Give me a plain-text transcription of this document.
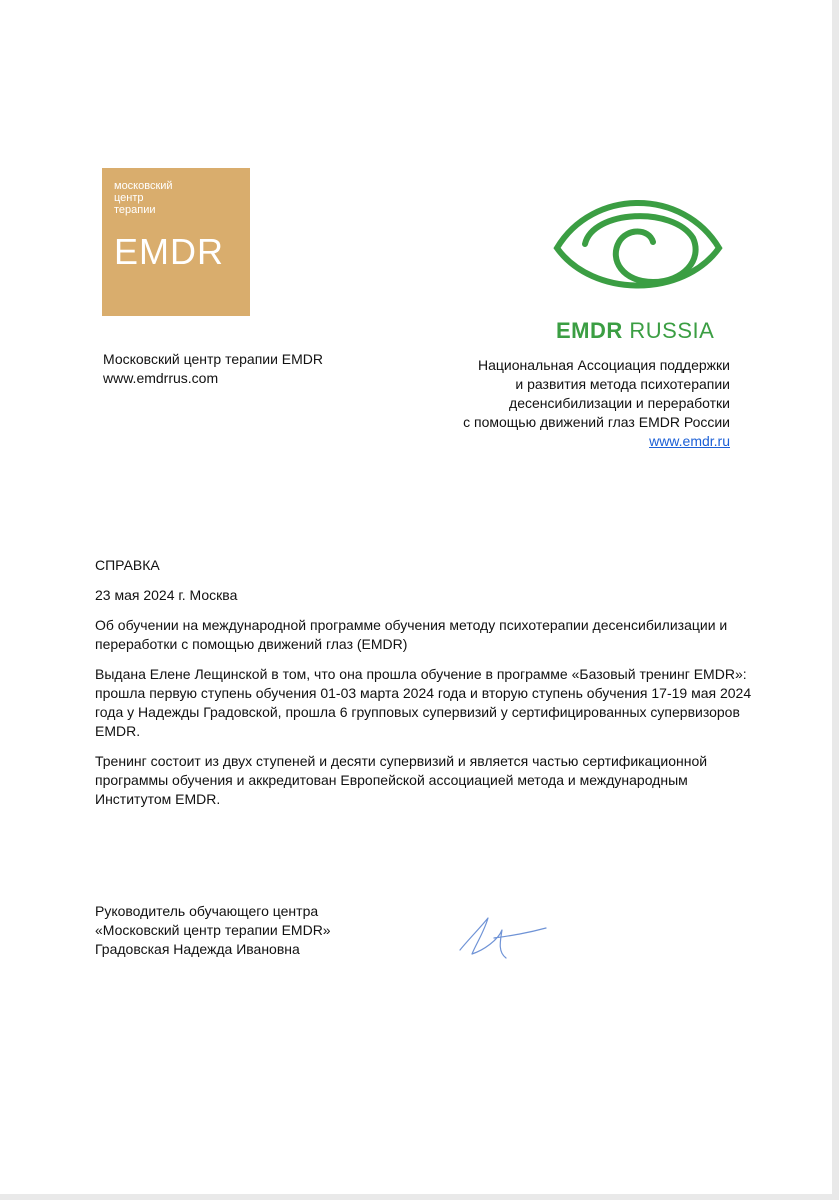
московский
центр
терапии
EMDR
Московский центр терапии EMDR
www.emdrrus.com
EMDR RUSSIA
Национальная Ассоциация поддержки
и развития метода психотерапии
десенсибилизации и переработки
с помощью движений глаз EMDR России
www.emdr.ru

СПРАВКА

23 мая 2024 г. Москва

Об обучении на международной программе обучения методу психотерапии десенсибилизации и переработки с помощью движений глаз (EMDR)

Выдана Елене Лещинской в том, что она прошла обучение в программе «Базовый тренинг EMDR»: прошла первую ступень обучения 01-03 марта 2024 года и вторую ступень обучения 17-19 мая 2024 года у Надежды Градовской, прошла 6 групповых супервизий у сертифицированных супервизоров EMDR.

Тренинг состоит из двух ступеней и десяти супервизий и является частью сертификационной программы обучения и аккредитован Европейской ассоциацией метода и международным Институтом EMDR.

Руководитель обучающего центра
«Московский центр терапии EMDR»
Градовская Надежда Ивановна
